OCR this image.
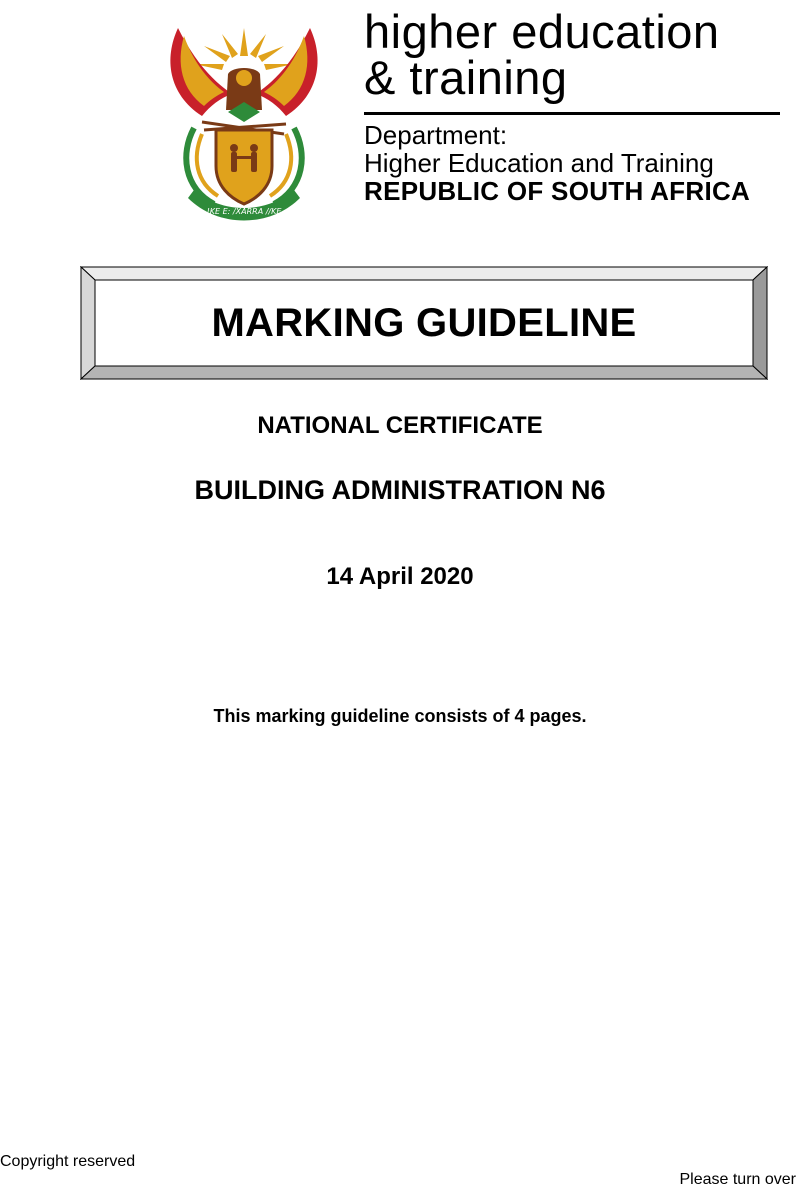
!KE E: /XARRA //KE
higher education
& training
Department:
Higher Education and Training
REPUBLIC OF SOUTH AFRICA
MARKING GUIDELINE
NATIONAL CERTIFICATE
BUILDING ADMINISTRATION N6
14 April 2020
This marking guideline consists of 4 pages.
Copyright reserved
Please turn over
